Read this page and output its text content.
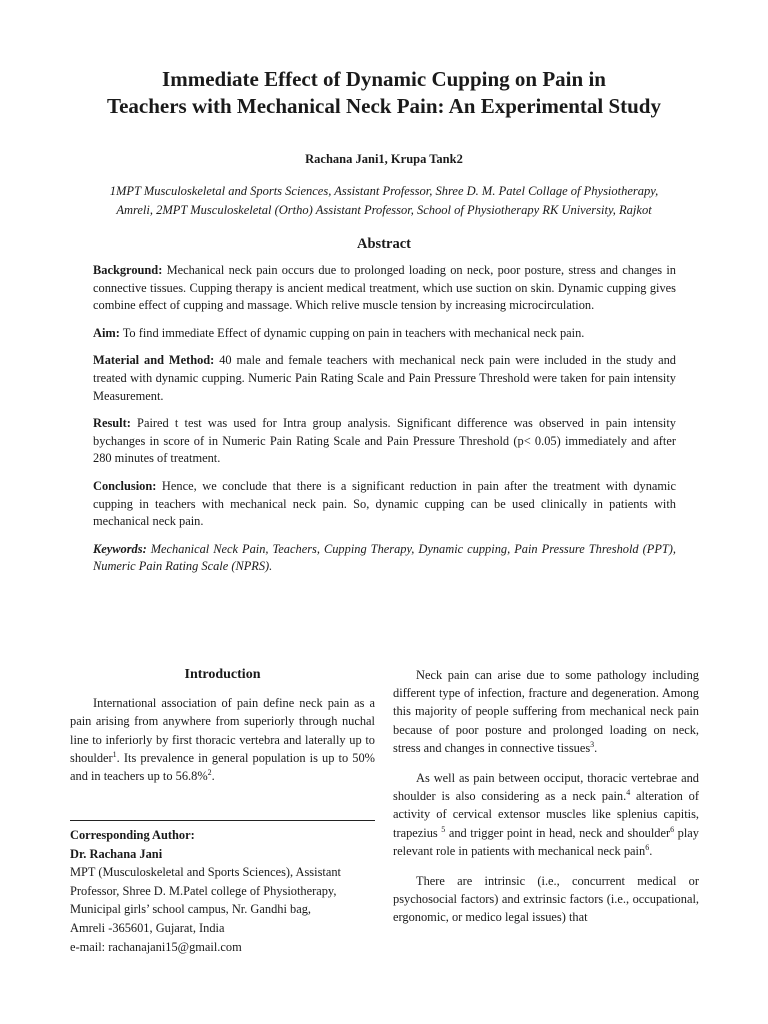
Immediate Effect of Dynamic Cupping on Pain in
Teachers with Mechanical Neck Pain: An Experimental Study
Rachana Jani1, Krupa Tank2
1MPT Musculoskeletal and Sports Sciences, Assistant Professor, Shree D. M. Patel Collage of Physiotherapy,
Amreli, 2MPT Musculoskeletal (Ortho) Assistant Professor, School of Physiotherapy RK University, Rajkot
Abstract

Background: Mechanical neck pain occurs due to prolonged loading on neck, poor posture, stress and changes in connective tissues. Cupping therapy is ancient medical treatment, which use suction on skin. Dynamic cupping gives combine effect of cupping and massage. Which relive muscle tension by increasing microcirculation.

Aim: To find immediate Effect of dynamic cupping on pain in teachers with mechanical neck pain.

Material and Method: 40 male and female teachers with mechanical neck pain were included in the study and treated with dynamic cupping. Numeric Pain Rating Scale and Pain Pressure Threshold were taken for pain intensity Measurement.

Result: Paired t test was used for Intra group analysis. Significant difference was observed in pain intensity bychanges in score of in Numeric Pain Rating Scale and Pain Pressure Threshold (p< 0.05) immediately and after 280 minutes of treatment.

Conclusion: Hence, we conclude that there is a significant reduction in pain after the treatment with dynamic cupping in teachers with mechanical neck pain. So, dynamic cupping can be used clinically in patients with mechanical neck pain.

Keywords: Mechanical Neck Pain, Teachers, Cupping Therapy, Dynamic cupping, Pain Pressure Threshold (PPT), Numeric Pain Rating Scale (NPRS).

Introduction

International association of pain define neck pain as a pain arising from anywhere from superiorly through nuchal line to inferiorly by first thoracic vertebra and laterally up to shoulder$^1$. Its prevalence in general population is up to 50% and in teachers up to 56.8%$^2$.

Corresponding Author:
Dr. Rachana Jani
MPT (Musculoskeletal and Sports Sciences), Assistant
Professor, Shree D. M.Patel college of Physiotherapy,
Municipal girls’ school campus, Nr. Gandhi bag,
Amreli -365601, Gujarat, India
e-mail: rachanajani15@gmail.com

Neck pain can arise due to some pathology including different type of infection, fracture and degeneration. Among this majority of people suffering from mechanical neck pain because of poor posture and prolonged loading on neck, stress and changes in connective tissues$^3$.

As well as pain between occiput, thoracic vertebrae and shoulder is also considering as a neck pain.$^4$ alteration of activity of cervical extensor muscles like splenius capitis, trapezius $^5$ and trigger point in head, neck and shoulder$^6$ play relevant role in patients with mechanical neck pain$^6$.

There are intrinsic (i.e., concurrent medical or psychosocial factors) and extrinsic factors (i.e., occupational, ergonomic, or medico legal issues) that
